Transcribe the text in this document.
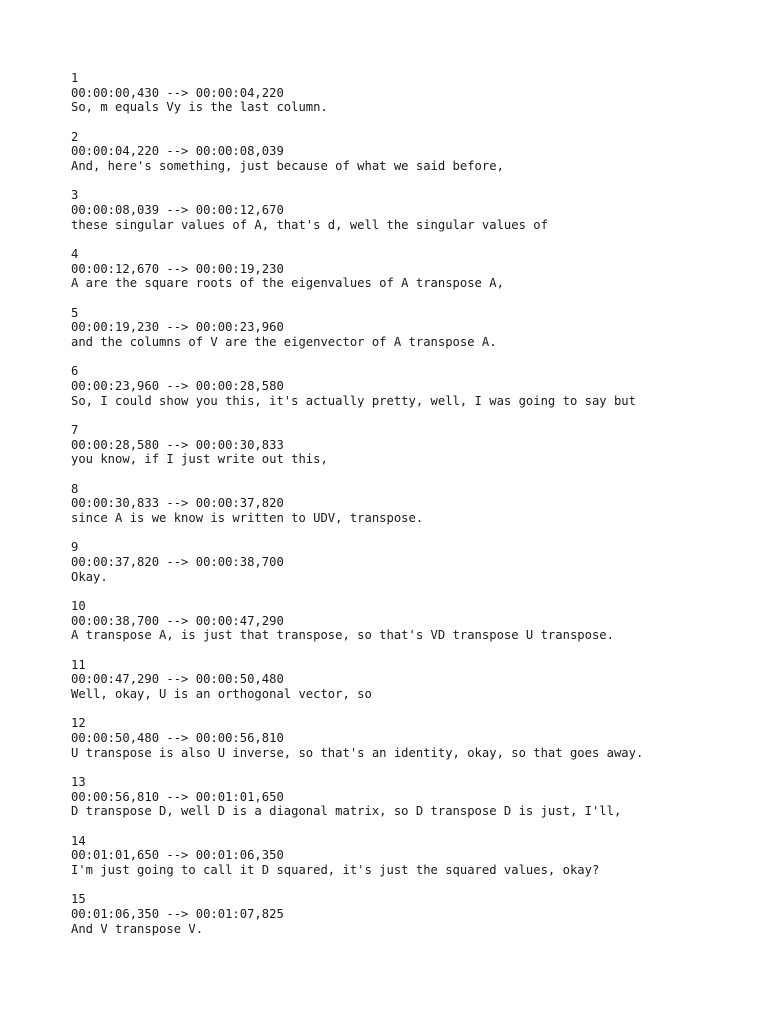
1
00:00:00,430 --> 00:00:04,220
So, m equals Vy is the last column.
2
00:00:04,220 --> 00:00:08,039
And, here's something, just because of what we said before,
3
00:00:08,039 --> 00:00:12,670
these singular values of A, that's d, well the singular values of
4
00:00:12,670 --> 00:00:19,230
A are the square roots of the eigenvalues of A transpose A,
5
00:00:19,230 --> 00:00:23,960
and the columns of V are the eigenvector of A transpose A.
6
00:00:23,960 --> 00:00:28,580
So, I could show you this, it's actually pretty, well, I was going to say but
7
00:00:28,580 --> 00:00:30,833
you know, if I just write out this,
8
00:00:30,833 --> 00:00:37,820
since A is we know is written to UDV, transpose.
9
00:00:37,820 --> 00:00:38,700
Okay.
10
00:00:38,700 --> 00:00:47,290
A transpose A, is just that transpose, so that's VD transpose U transpose.
11
00:00:47,290 --> 00:00:50,480
Well, okay, U is an orthogonal vector, so
12
00:00:50,480 --> 00:00:56,810
U transpose is also U inverse, so that's an identity, okay, so that goes away.
13
00:00:56,810 --> 00:01:01,650
D transpose D, well D is a diagonal matrix, so D transpose D is just, I'll,
14
00:01:01,650 --> 00:01:06,350
I'm just going to call it D squared, it's just the squared values, okay?
15
00:01:06,350 --> 00:01:07,825
And V transpose V.
